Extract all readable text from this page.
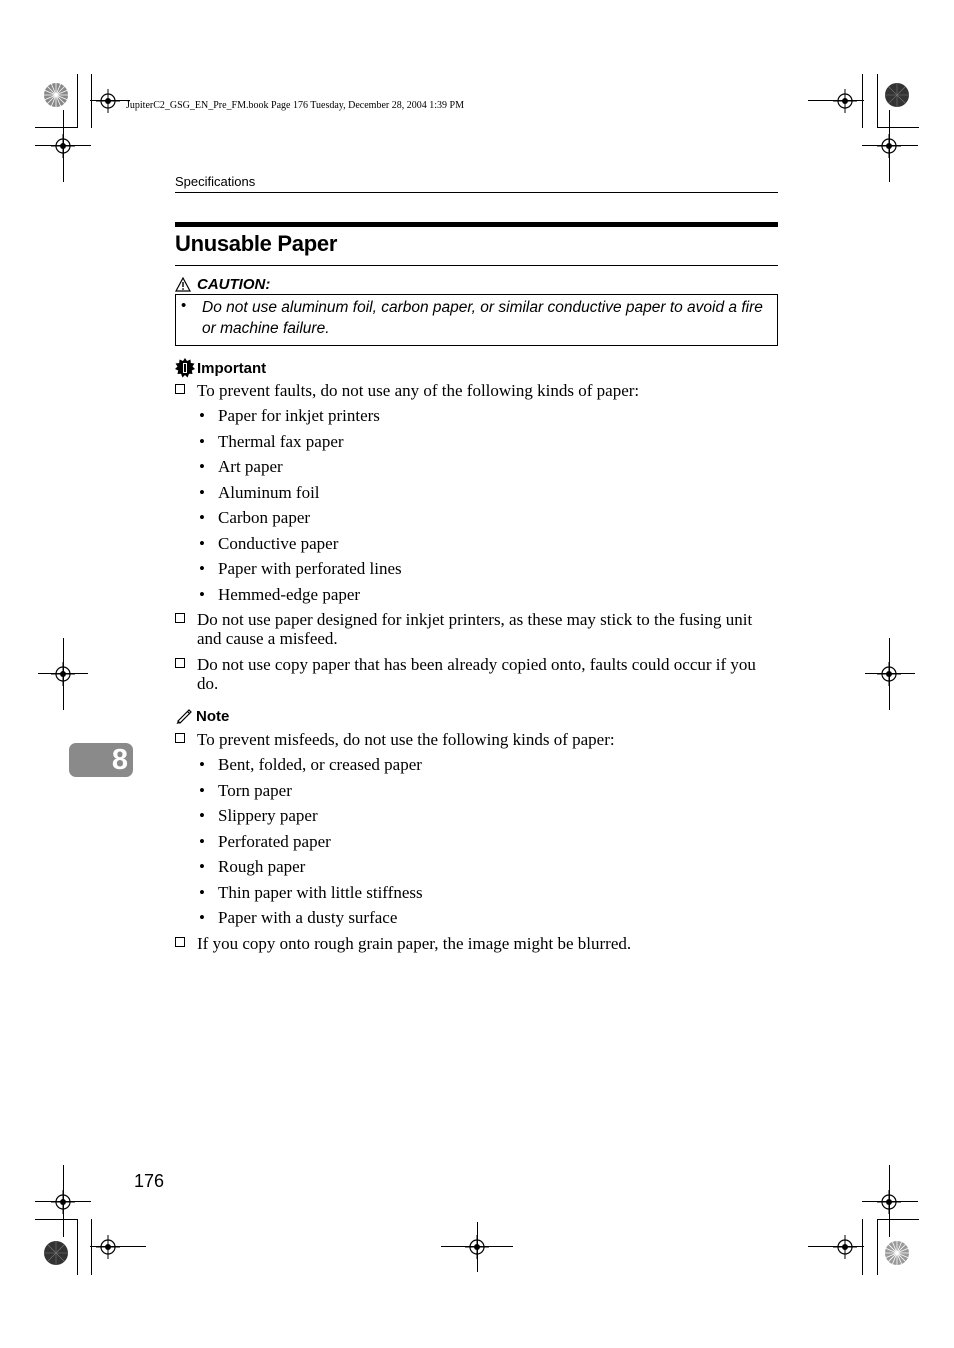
JupiterC2_GSG_EN_Pre_FM.book Page 176 Tuesday, December 28, 2004 1:39 PM
Specifications
Unusable Paper
CAUTION:
• Do not use aluminum foil, carbon paper, or similar conductive paper to avoid a fire or machine failure.
Important
To prevent faults, do not use any of the following kinds of paper:
• Paper for inkjet printers
• Thermal fax paper
• Art paper
• Aluminum foil
• Carbon paper
• Conductive paper
• Paper with perforated lines
• Hemmed-edge paper
Do not use paper designed for inkjet printers, as these may stick to the fusing unit and cause a misfeed.
Do not use copy paper that has been already copied onto, faults could occur if you do.
Note
To prevent misfeeds, do not use the following kinds of paper:
• Bent, folded, or creased paper
• Torn paper
• Slippery paper
• Perforated paper
• Rough paper
• Thin paper with little stiffness
• Paper with a dusty surface
If you copy onto rough grain paper, the image might be blurred.
8
176
